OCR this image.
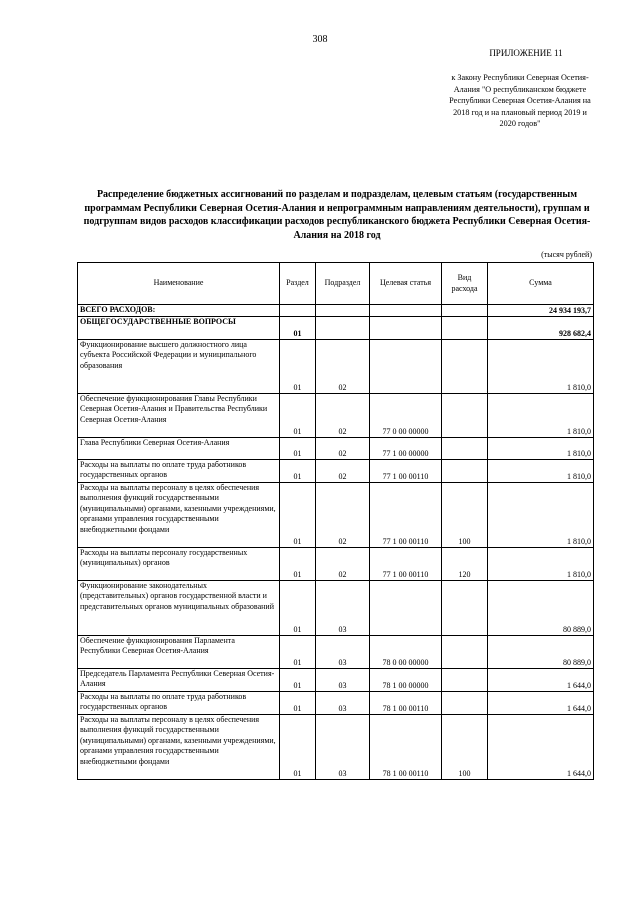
308
ПРИЛОЖЕНИЕ 11
к Закону Республики Северная Осетия-Алания "О республиканском бюджете Республики Северная Осетия-Алания на 2018 год и на плановый период 2019 и 2020 годов"
Распределение бюджетных ассигнований по разделам и подразделам, целевым статьям (государственным программам Республики Северная Осетия-Алания и непрограммным направлениям деятельности), группам и подгруппам видов расходов классификации расходов республиканского бюджета Республики Северная Осетия-Алания на 2018 год
(тысяч рублей)
Наименование	Раздел	Подраздел	Целевая статья	Вид расхода	Сумма
ВСЕГО РАСХОДОВ:					24 934 193,7
ОБЩЕГОСУДАРСТВЕННЫЕ ВОПРОСЫ	01				928 682,4
Функционирование высшего должностного лица субъекта Российской Федерации и муниципального образования	01	02			1 810,0
Обеспечение функционирования Главы Республики Северная Осетия-Алания и Правительства Республики Северная Осетия-Алания	01	02	77 0 00 00000		1 810,0
Глава Республики Северная Осетия-Алания	01	02	77 1 00 00000		1 810,0
Расходы на выплаты по оплате труда работников государственных органов	01	02	77 1 00 00110		1 810,0
Расходы на выплаты персоналу в целях обеспечения выполнения функций государственными (муниципальными) органами, казенными учреждениями, органами управления государственными внебюджетными фондами	01	02	77 1 00 00110	100	1 810,0
Расходы на выплаты персоналу государственных (муниципальных) органов	01	02	77 1 00 00110	120	1 810,0
Функционирование законодательных (представительных) органов государственной власти и представительных органов муниципальных образований	01	03			80 889,0
Обеспечение функционирования Парламента Республики Северная Осетия-Алания	01	03	78 0 00 00000		80 889,0
Председатель Парламента Республики Северная Осетия-Алания	01	03	78 1 00 00000		1 644,0
Расходы на выплаты по оплате труда работников государственных органов	01	03	78 1 00 00110		1 644,0
Расходы на выплаты персоналу в целях обеспечения выполнения функций государственными (муниципальными) органами, казенными учреждениями, органами управления государственными внебюджетными фондами	01	03	78 1 00 00110	100	1 644,0
